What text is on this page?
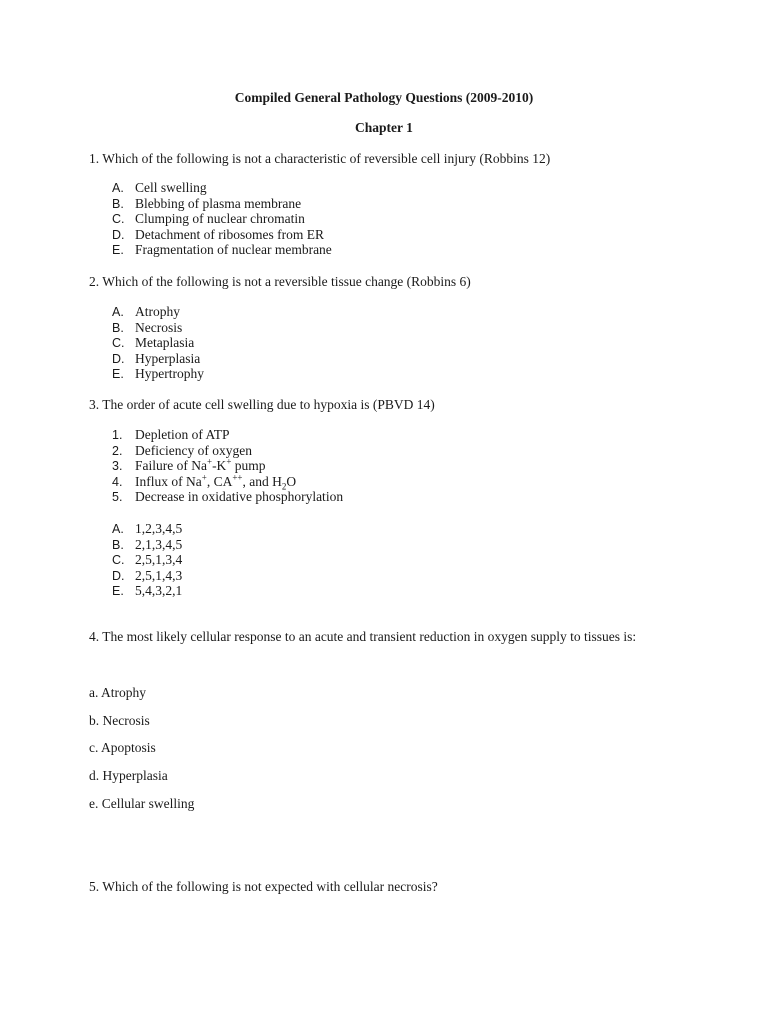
Compiled General Pathology Questions (2009-2010)
Chapter 1
1. Which of the following is not a characteristic of reversible cell injury (Robbins 12)
A. Cell swelling
B. Blebbing of plasma membrane
C. Clumping of nuclear chromatin
D. Detachment of ribosomes from ER
E. Fragmentation of nuclear membrane
2. Which of the following is not a reversible tissue change (Robbins 6)
A. Atrophy
B. Necrosis
C. Metaplasia
D. Hyperplasia
E. Hypertrophy
3. The order of acute cell swelling due to hypoxia is (PBVD 14)
1. Depletion of ATP
2. Deficiency of oxygen
3. Failure of Na+-K+ pump
4. Influx of Na+, CA++, and $H_2O$
5. Decrease in oxidative phosphorylation
A. 1,2,3,4,5
B. 2,1,3,4,5
C. 2,5,1,3,4
D. 2,5,1,4,3
E. 5,4,3,2,1
4. The most likely cellular response to an acute and transient reduction in oxygen supply to tissues is:
a. Atrophy
b. Necrosis
c. Apoptosis
d. Hyperplasia
e. Cellular swelling
5. Which of the following is not expected with cellular necrosis?
